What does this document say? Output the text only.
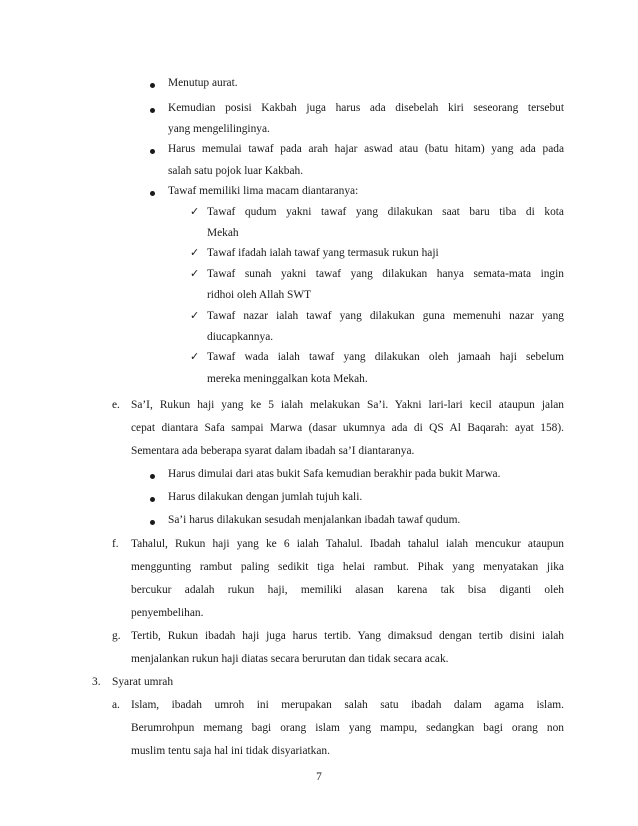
Menutup aurat.
Kemudian posisi Kakbah juga harus ada disebelah kiri seseorang tersebut
yang mengelilinginya.
Harus memulai tawaf pada arah hajar aswad atau (batu hitam) yang ada pada
salah satu pojok luar Kakbah.
Tawaf memiliki lima macam diantaranya:
✓ Tawaf qudum yakni tawaf yang dilakukan saat baru tiba di kota
Mekah
✓ Tawaf ifadah ialah tawaf yang termasuk rukun haji
✓ Tawaf sunah yakni tawaf yang dilakukan hanya semata-mata ingin
ridhoi oleh Allah SWT
✓ Tawaf nazar ialah tawaf yang dilakukan guna memenuhi nazar yang
diucapkannya.
✓ Tawaf wada ialah tawaf yang dilakukan oleh jamaah haji sebelum
mereka meninggalkan kota Mekah.
e. Sa’I, Rukun haji yang ke 5 ialah melakukan Sa’i. Yakni lari-lari kecil ataupun jalan
cepat diantara Safa sampai Marwa (dasar ukumnya ada di QS Al Baqarah: ayat 158).
Sementara ada beberapa syarat dalam ibadah sa’I diantaranya.
Harus dimulai dari atas bukit Safa kemudian berakhir pada bukit Marwa.
Harus dilakukan dengan jumlah tujuh kali.
Sa’i harus dilakukan sesudah menjalankan ibadah tawaf qudum.
f. Tahalul, Rukun haji yang ke 6 ialah Tahalul. Ibadah tahalul ialah mencukur ataupun
menggunting rambut paling sedikit tiga helai rambut. Pihak yang menyatakan jika
bercukur adalah rukun haji, memiliki alasan karena tak bisa diganti oleh
penyembelihan.
g. Tertib, Rukun ibadah haji juga harus tertib. Yang dimaksud dengan tertib disini ialah
menjalankan rukun haji diatas secara berurutan dan tidak secara acak.
3. Syarat umrah
a. Islam, ibadah umroh ini merupakan salah satu ibadah dalam agama islam.
Berumrohpun memang bagi orang islam yang mampu, sedangkan bagi orang non
muslim tentu saja hal ini tidak disyariatkan.
7
